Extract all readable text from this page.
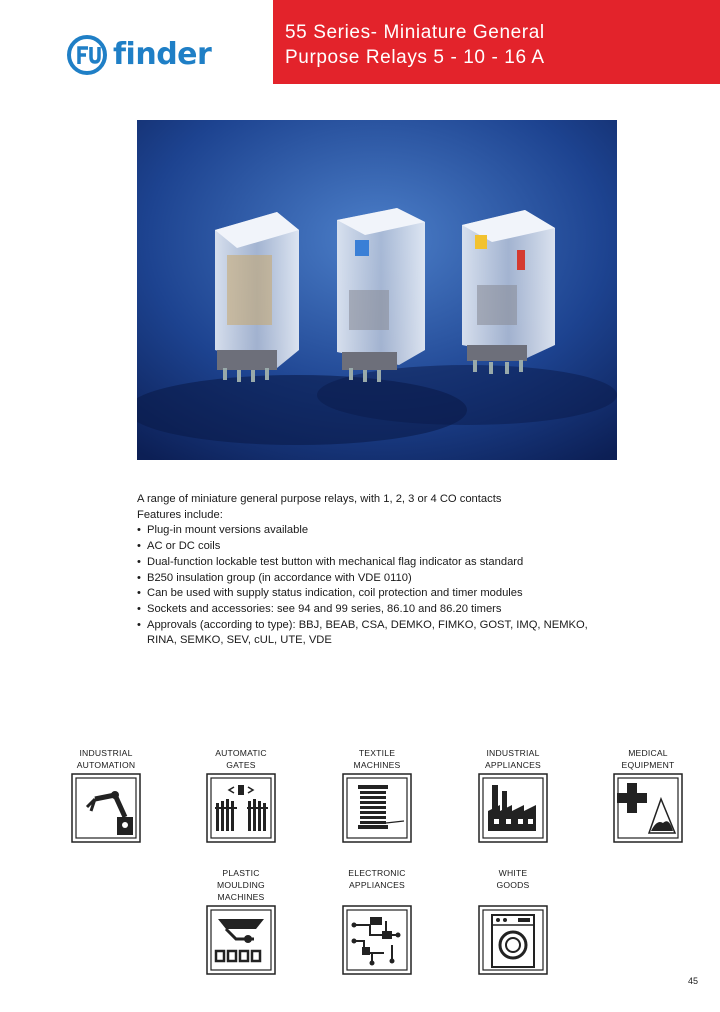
finder
55 Series- Miniature General
Purpose Relays 5 - 10 - 16 A

A range of miniature general purpose relays, with 1, 2, 3 or 4 CO contacts

Features include:

• Plug-in mount versions available
• AC or DC coils
• Dual-function lockable test button with mechanical flag indicator as standard
• B250 insulation group (in accordance with VDE 0110)
• Can be used with supply status indication, coil protection and timer modules
• Sockets and accessories: see 94 and 99 series, 86.10 and 86.20 timers
• Approvals (according to type): BBJ, BEAB, CSA, DEMKO, FIMKO, GOST, IMQ, NEMKO, RINA, SEMKO, SEV, cUL, UTE, VDE
INDUSTRIAL
AUTOMATION
AUTOMATIC
GATES
TEXTILE
MACHINES
INDUSTRIAL
APPLIANCES
MEDICAL
EQUIPMENT
PLASTIC
MOULDING
MACHINES
ELECTRONIC
APPLIANCES
WHITE
GOODS
45
